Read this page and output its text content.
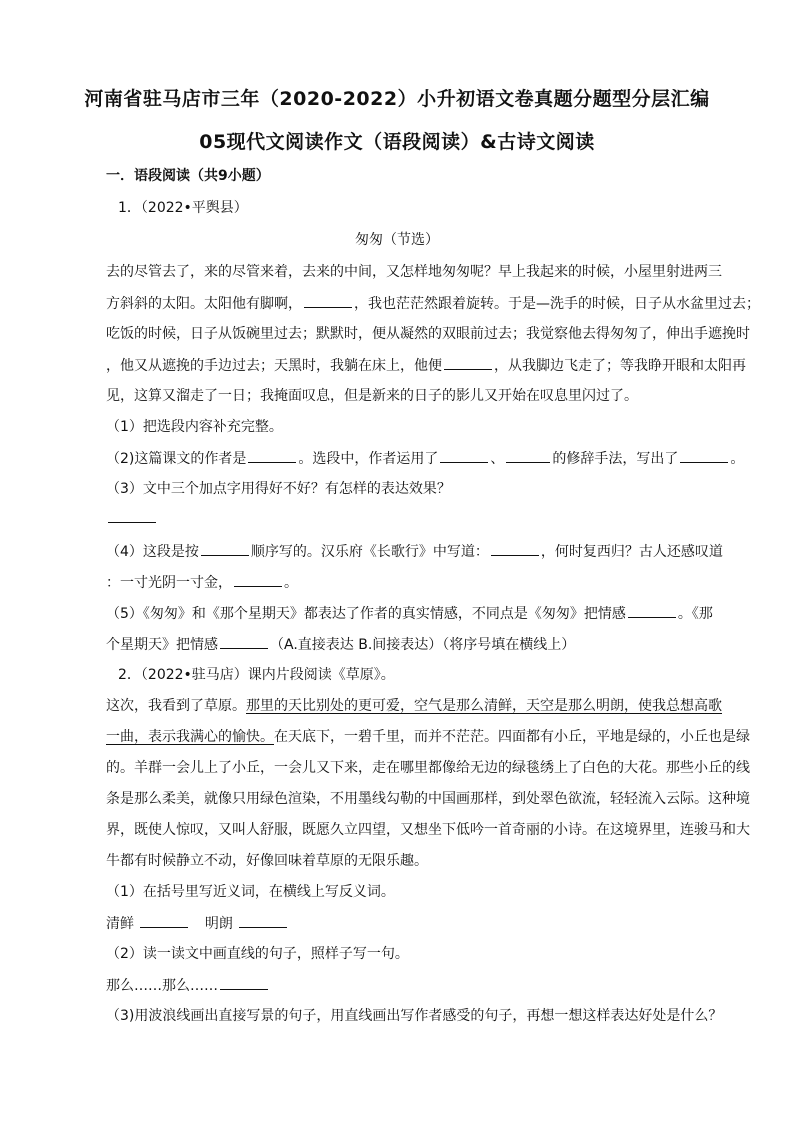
河南省驻马店市三年（2020-2022）小升初语文卷真题分题型分层汇编
05现代文阅读作文（语段阅读）&古诗文阅读
一．语段阅读（共9小题）
1．（2022•平舆县）
匆匆（节选）
去的尽管去了，来的尽管来着，去来的中间，又怎样地匆匆呢？早上我起来的时候，小屋里射进两三
方斜斜的太阳。太阳他有脚啊，	，我也茫茫然跟着旋转。于是—洗手的时候，日子从水盆里过去；
吃饭的时候，日子从饭碗里过去；默默时，便从凝然的双眼前过去；我觉察他去得匆匆了，伸出手遮挽时
，他又从遮挽的手边过去；天黑时，我躺在床上，他便	，从我脚边飞走了；等我睁开眼和太阳再
见，这算又溜走了一日；我掩面叹息，但是新来的日子的影儿又开始在叹息里闪过了。
（1）把选段内容补充完整。
（2)这篇课文的作者是	。选段中，作者运用了	、	的修辞手法，写出了	。
（3）文中三个加点字用得好不好？有怎样的表达效果？
（4）这段是按	顺序写的。汉乐府《长歌行》中写道：	，何时复西归？古人还感叹道
：一寸光阴一寸金，	。
（5）《匆匆》和《那个星期天》都表达了作者的真实情感，不同点是《匆匆》把情感	。《那
个星期天》把情感	（A.直接表达 B.间接表达）（将序号填在横线上）
2．（2022•驻马店）课内片段阅读《草原》。
这次，我看到了草原。那里的天比别处的更可爱，空气是那么清鲜，天空是那么明朗，使我总想高歌
一曲，表示我满心的愉快。在天底下，一碧千里，而并不茫茫。四面都有小丘，平地是绿的，小丘也是绿
的。羊群一会儿上了小丘，一会儿又下来，走在哪里都像给无边的绿毯绣上了白色的大花。那些小丘的线
条是那么柔美，就像只用绿色渲染，不用墨线勾勒的中国画那样，到处翠色欲流，轻轻流入云际。这种境
界，既使人惊叹，又叫人舒服，既愿久立四望，又想坐下低吟一首奇丽的小诗。在这境界里，连骏马和大
牛都有时候静立不动，好像回味着草原的无限乐趣。
（1）在括号里写近义词，在横线上写反义词。
清鲜	明朗
（2）读一读文中画直线的句子，照样子写一句。
那么……那么……
（3)用波浪线画出直接写景的句子，用直线画出写作者感受的句子，再想一想这样表达好处是什么？
